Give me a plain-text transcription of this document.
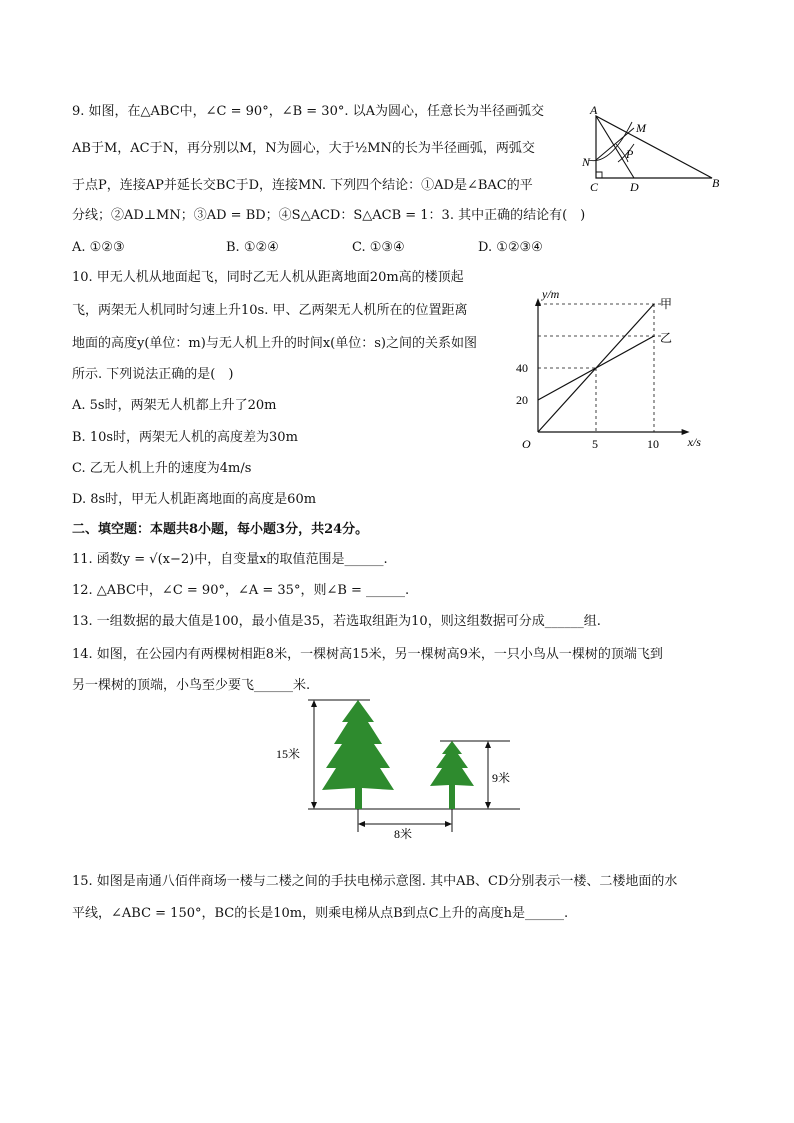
9. 如图，在△ABC中，∠C = 90°，∠B = 30°. 以A为圆心，任意长为半径画弧交
AB于M，AC于N，再分别以M，N为圆心，大于½MN的长为半径画弧，两弧交
于点P，连接AP并延长交BC于D，连接MN. 下列四个结论：①AD是∠BAC的平
分线；②AD⊥MN；③AD = BD；④S△ACD：S△ACB = 1：3. 其中正确的结论有(　)
A. ①②③	B. ①②④	C. ①③④	D. ①②③④
A
M
N
P
C	D	B
10. 甲无人机从地面起飞，同时乙无人机从距离地面20m高的楼顶起
飞，两架无人机同时匀速上升10s. 甲、乙两架无人机所在的位置距离
地面的高度y(单位：m)与无人机上升的时间x(单位：s)之间的关系如图
所示. 下列说法正确的是(　)
A. 5s时，两架无人机都上升了20m
B. 10s时，两架无人机的高度差为30m
C. 乙无人机上升的速度为4m/s
D. 8s时，甲无人机距离地面的高度是60m
5	10
20
40
y/m
x/s
O
甲
乙
二、填空题：本题共8小题，每小题3分，共24分。
11. 函数y = √(x−2)中，自变量x的取值范围是______.
12. △ABC中，∠C = 90°，∠A = 35°，则∠B = ______.
13. 一组数据的最大值是100，最小值是35，若选取组距为10，则这组数据可分成______组.
14. 如图，在公园内有两棵树相距8米，一棵树高15米，另一棵树高9米，一只小鸟从一棵树的顶端飞到
另一棵树的顶端，小鸟至少要飞______米.
15米
9米
8米
15. 如图是南通八佰伴商场一楼与二楼之间的手扶电梯示意图. 其中AB、CD分别表示一楼、二楼地面的水
平线，∠ABC = 150°，BC的长是10m，则乘电梯从点B到点C上升的高度h是______.
